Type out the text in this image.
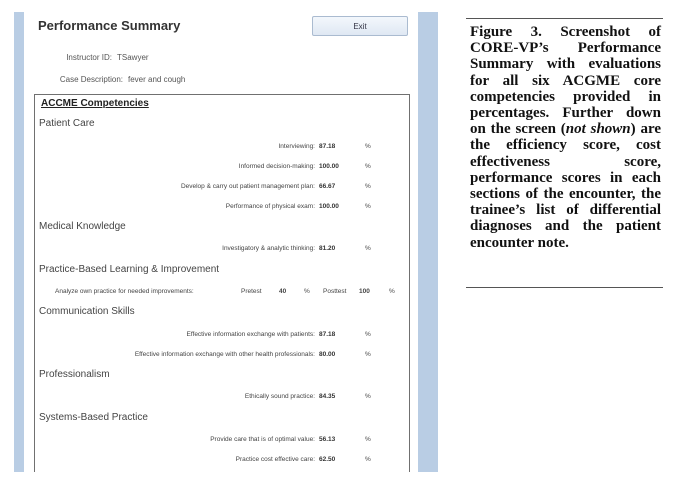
Performance Summary	Exit
Instructor ID: TSawyer
Case Description: fever and cough
ACCME Competencies
Patient Care
Interviewing: 87.18	%
Informed decision-making: 100.00	%
Develop & carry out patient management plan: 66.67	%
Performance of physical exam: 100.00	%
Medical Knowledge
Investigatory & analytic thinking: 81.20	%
Practice-Based Learning & Improvement
Analyze own practice for needed improvements:	Pretest	40	% Posttest 100	%
Communication Skills
Effective information exchange with patients: 87.18	%
Effective information exchange with other health professionals: 80.00	%
Professionalism
Ethically sound practice: 84.35	%
Systems-Based Practice
Provide care that is of optimal value: 56.13	%
Practice cost effective care: 62.50	%
Figure 3. Screenshot of CORE-VP’s Performance Summary with evaluations for all six ACGME core competencies provided in percentages. Further down on the screen (not shown) are the efficiency score, cost effectiveness score, performance scores in each sections of the encounter, the trainee’s list of differential diagnoses and the patient encounter note.
